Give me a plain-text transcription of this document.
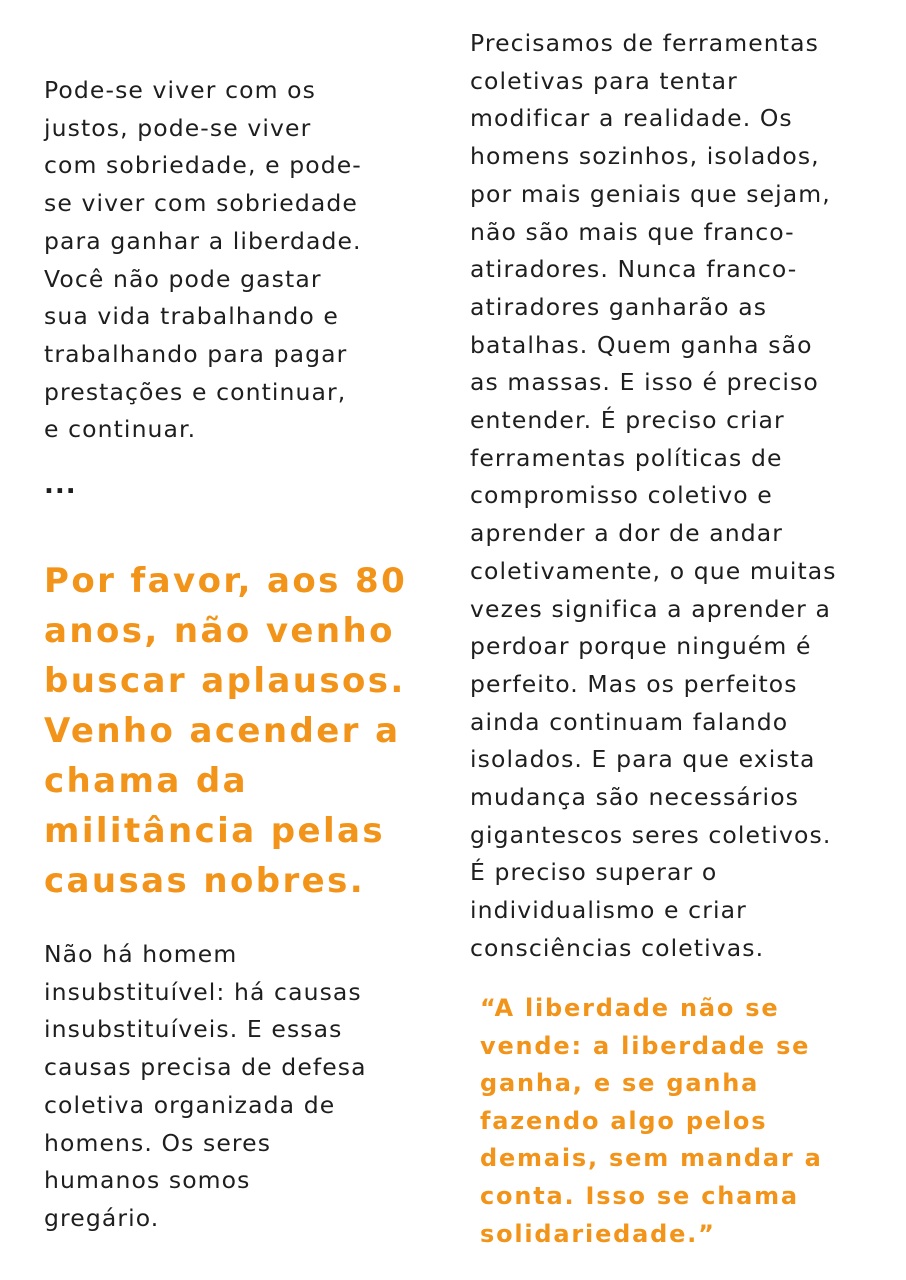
Pode-se viver com os
justos, pode-se viver
com sobriedade, e pode-
se viver com sobriedade
para ganhar a liberdade.
Você não pode gastar
sua vida trabalhando e
trabalhando para pagar
prestações e continuar,
e continuar.

...

Por favor, aos 80
anos, não venho
buscar aplausos.
Venho acender a
chama da
militância pelas
causas nobres.

Não há homem
insubstituível: há causas
insubstituíveis. E essas
causas precisa de defesa
coletiva organizada de
homens. Os seres
humanos somos
gregário.

Precisamos de ferramentas
coletivas para tentar
modificar a realidade. Os
homens sozinhos, isolados,
por mais geniais que sejam,
não são mais que franco-
atiradores. Nunca franco-
atiradores ganharão as
batalhas. Quem ganha são
as massas. E isso é preciso
entender. É preciso criar
ferramentas políticas de
compromisso coletivo e
aprender a dor de andar
coletivamente, o que muitas
vezes significa a aprender a
perdoar porque ninguém é
perfeito. Mas os perfeitos
ainda continuam falando
isolados. E para que exista
mudança são necessários
gigantescos seres coletivos.
É preciso superar o
individualismo e criar
consciências coletivas.

“A liberdade não se
vende: a liberdade se
ganha, e se ganha
fazendo algo pelos
demais, sem mandar a
conta. Isso se chama
solidariedade.”
